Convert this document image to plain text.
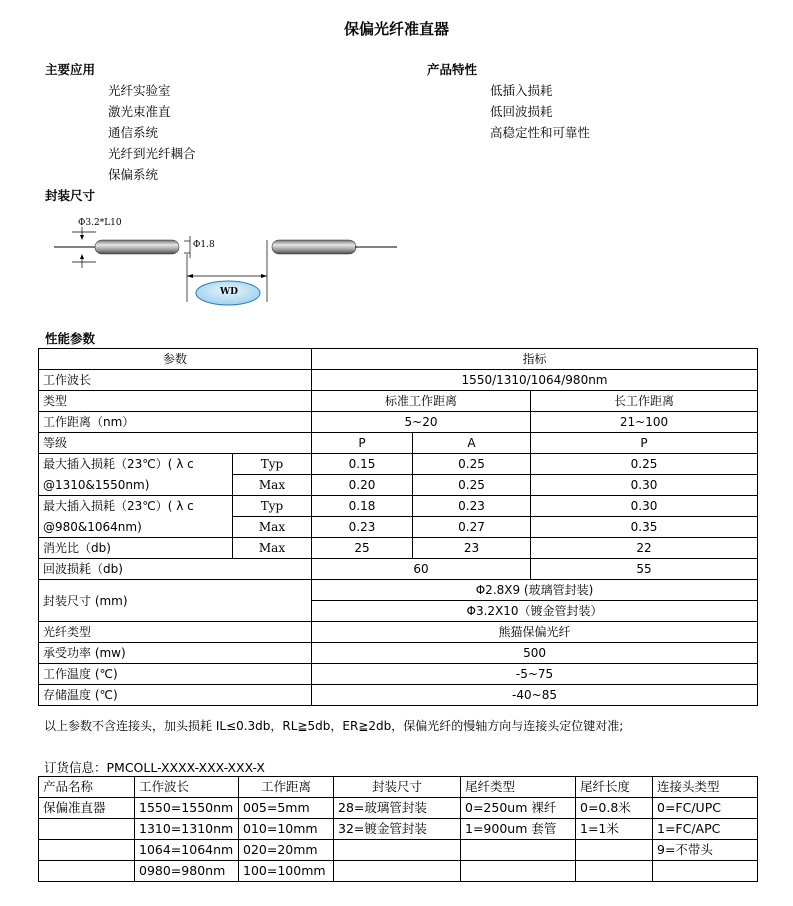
保偏光纤准直器
主要应用
光纤实验室
激光束准直
通信系统
光纤到光纤耦合
保偏系统
产品特性
低插入损耗
低回波损耗
高稳定性和可靠性
封装尺寸
Φ3.2*L10
Φ1.8
WD
性能参数
参数		指标		
工作波长		1550/1310/1064/980nm		
类型		标准工作距离		长工作距离
工作距离（nm）		5~20		21~100
等级		P	A	P
最大插入损耗（23℃）( λ c	Typ	0.15	0.25	0.25
@1310&1550nm)	Max	0.20	0.25	0.30
最大插入损耗（23℃）( λ c	Typ	0.18	0.23	0.30
@980&1064nm)	Max	0.23	0.27	0.35
消光比（db)	Max	25	23	22
回波损耗（db)		60		55
封装尺寸 (mm)		Φ2.8X9 (玻璃管封装)		
		Φ3.2X10（镀金管封装）		
光纤类型		熊猫保偏光纤		
承受功率 (mw)		500		
工作温度 (℃)		-5~75		
存储温度 (℃)		-40~85		
以上参数不含连接头，加头损耗 IL≤0.3db，RL≧5db，ER≧2db，保偏光纤的慢轴方向与连接头定位键对准;
订货信息：PMCOLL-XXXX-XXX-XXX-X
产品名称	工作波长	工作距离	封装尺寸	尾纤类型	尾纤长度	连接头类型
保偏准直器	1550=1550nm	005=5mm	28=玻璃管封装	0=250um 裸纤	0=0.8米	0=FC/UPC
	1310=1310nm	010=10mm	32=镀金管封装	1=900um 套管	1=1米	1=FC/APC
	1064=1064nm	020=20mm				9=不带头
	0980=980nm	100=100mm				
